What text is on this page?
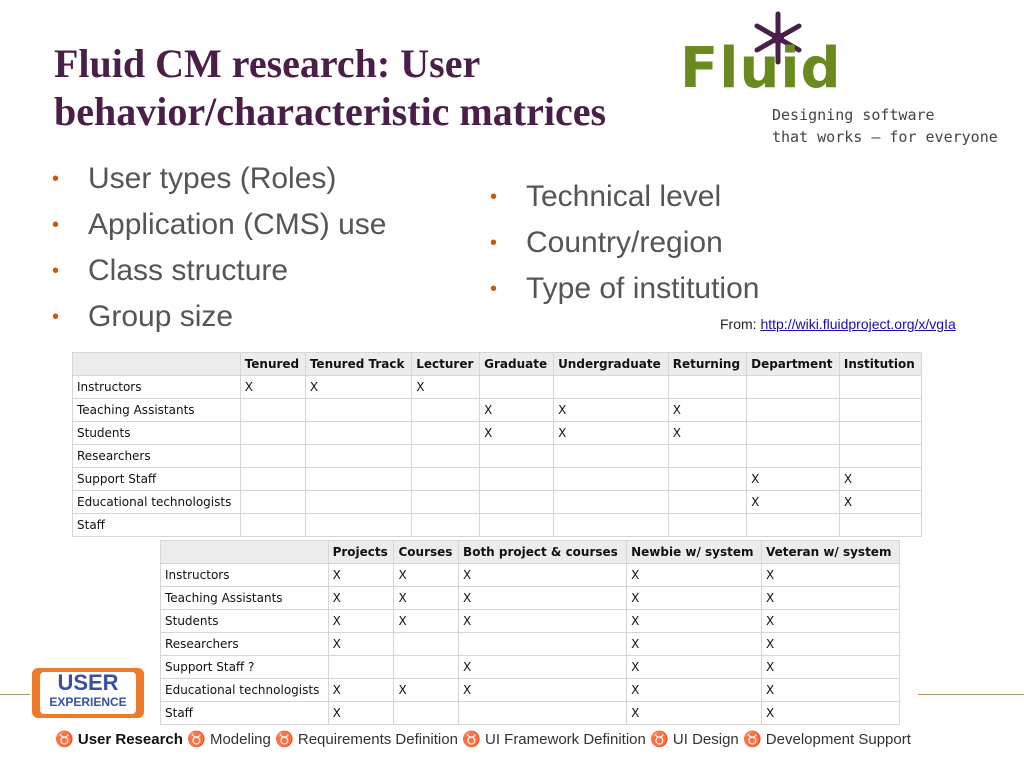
Fluid CM research: User
behavior/characteristic matrices
Fluid
Designing software
that works – for everyone
• User types (Roles)
• Application (CMS) use
• Class structure
• Group size
• Technical level
• Country/region
• Type of institution
From: http://wiki.fluidproject.org/x/vgIa
	Tenured	Tenured Track	Lecturer	Graduate	Undergraduate	Returning	Department	Institution
Instructors	X	X	X					
Teaching Assistants				X	X	X		
Students				X	X	X		
Researchers								
Support Staff							X	X
Educational technologists							X	X
Staff								
	Projects	Courses	Both project & courses	Newbie w/ system	Veteran w/ system
Instructors	X	X	X	X	X
Teaching Assistants	X	X	X	X	X
Students	X	X	X	X	X
Researchers	X			X	X
Support Staff ?			X	X	X
Educational technologists	X	X	X	X	X
Staff	X			X	X
USER
EXPERIENCE
♉ User Research ♉ Modeling ♉ Requirements Definition ♉ UI Framework Definition ♉ UI Design ♉ Development Support
